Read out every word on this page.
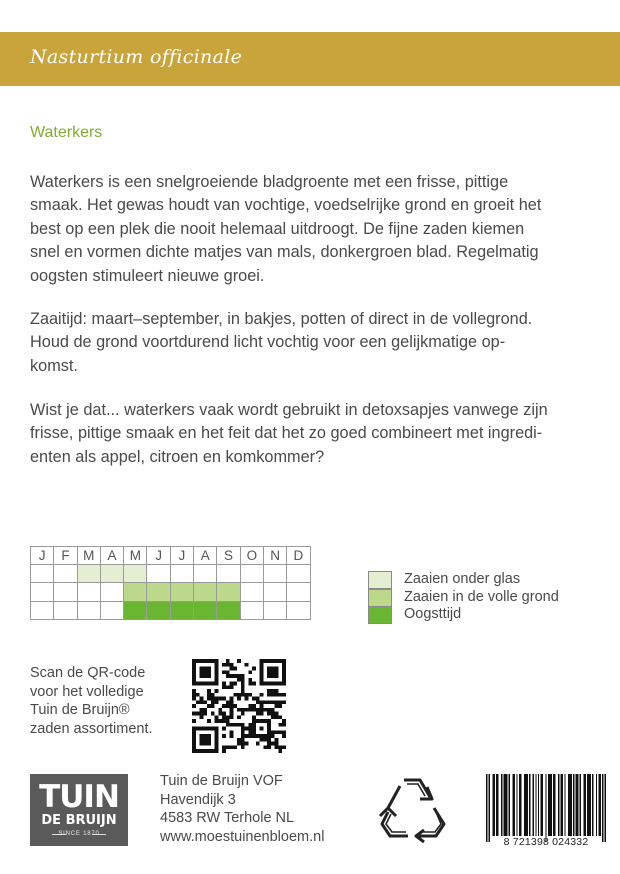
Nasturtium officinale
Waterkers
Waterkers is een snelgroeiende bladgroente met een frisse, pittige
smaak. Het gewas houdt van vochtige, voedselrijke grond en groeit het
best op een plek die nooit helemaal uitdroogt. De fijne zaden kiemen
snel en vormen dichte matjes van mals, donkergroen blad. Regelmatig
oogsten stimuleert nieuwe groei.
Zaaitijd: maart–september, in bakjes, potten of direct in de vollegrond.
Houd de grond voortdurend licht vochtig voor een gelijkmatige op-
komst.
Wist je dat... waterkers vaak wordt gebruikt in detoxsapjes vanwege zijn
frisse, pittige smaak en het feit dat het zo goed combineert met ingredi-
enten als appel, citroen en komkommer?
J	F	M	A	M	J	J	A	S	O	N	D

Zaaien onder glas
Zaaien in de volle grond
Oogsttijd
Scan de QR-code
voor het volledige
Tuin de Bruijn®
zaden assortiment.
TUIN
DE BRUIJN
SINCE 1870
Tuin de Bruijn VOF
Havendijk 3
4583 RW Terhole NL
www.moestuinenbloem.nl	8 721398 024332
